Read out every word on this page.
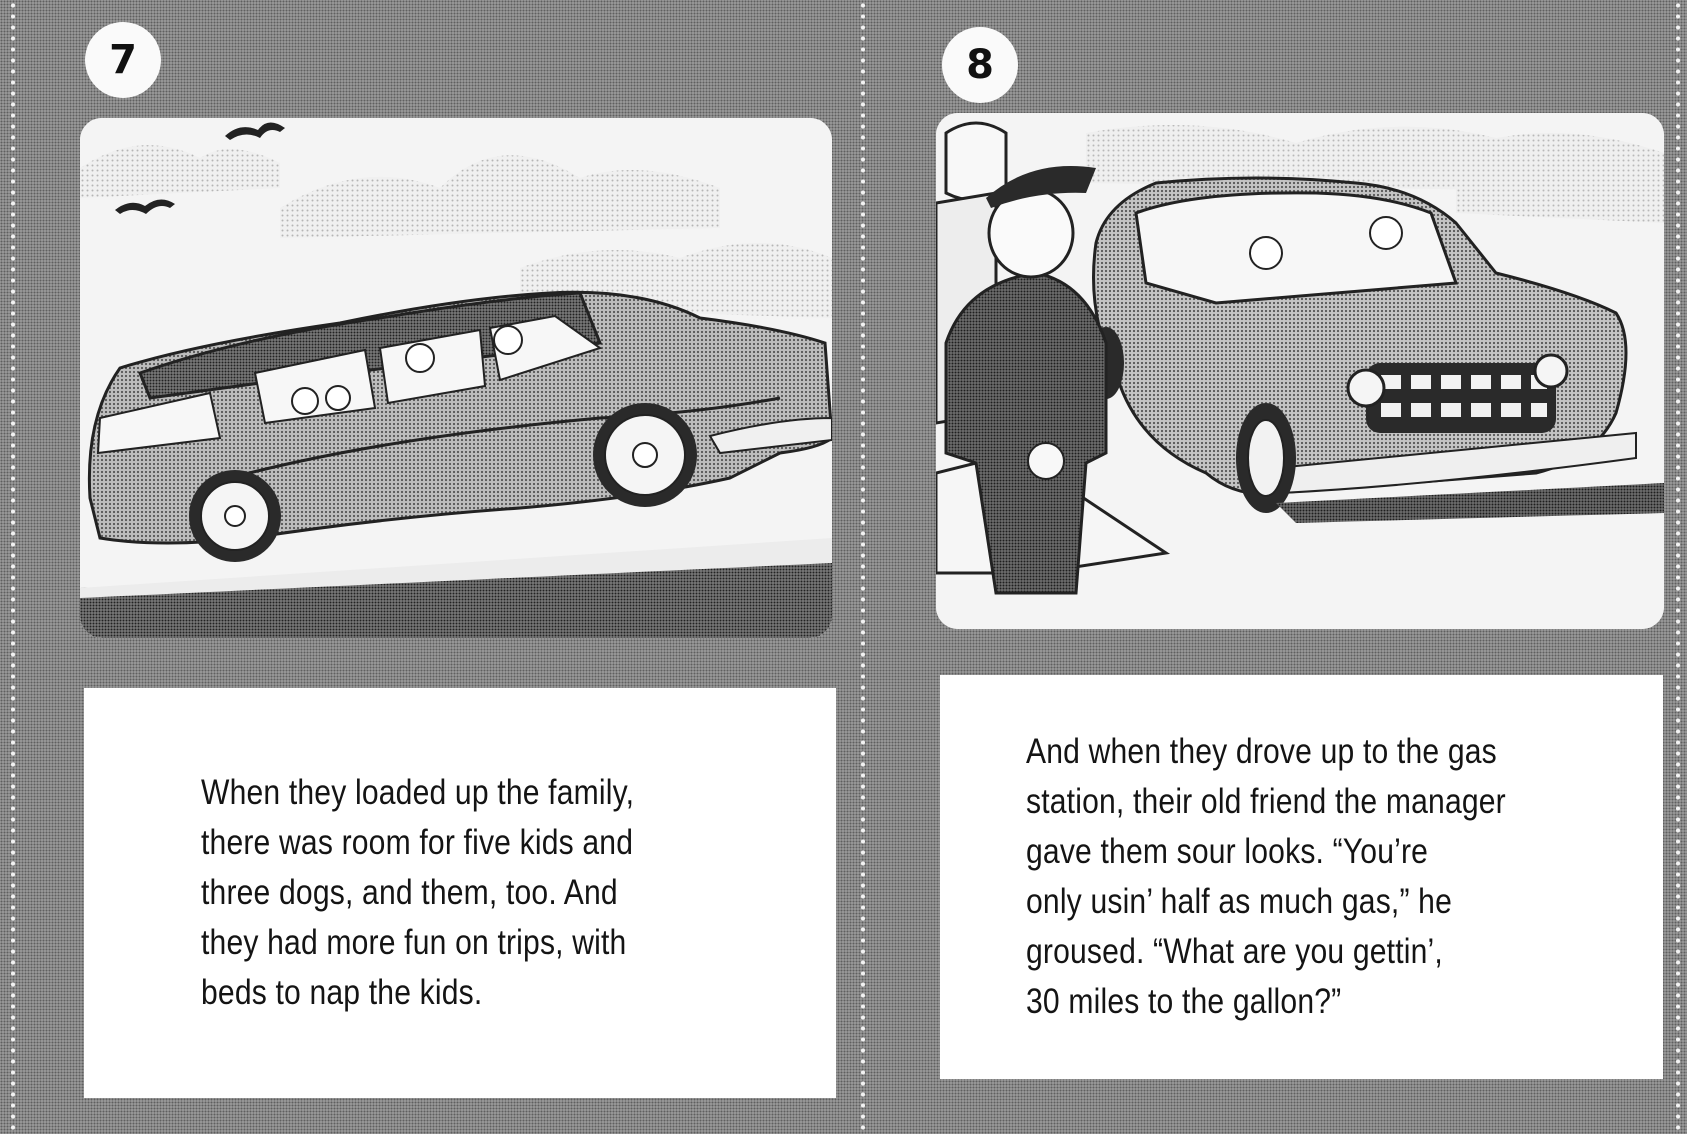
7

When they loaded up the family,
there was room for five kids and
three dogs, and them, too. And
they had more fun on trips, with
beds to nap the kids.

8

And when they drove up to the gas
station, their old friend the manager
gave them sour looks. “You’re
only usin’ half as much gas,” he
groused. “What are you gettin’,
30 miles to the gallon?”
